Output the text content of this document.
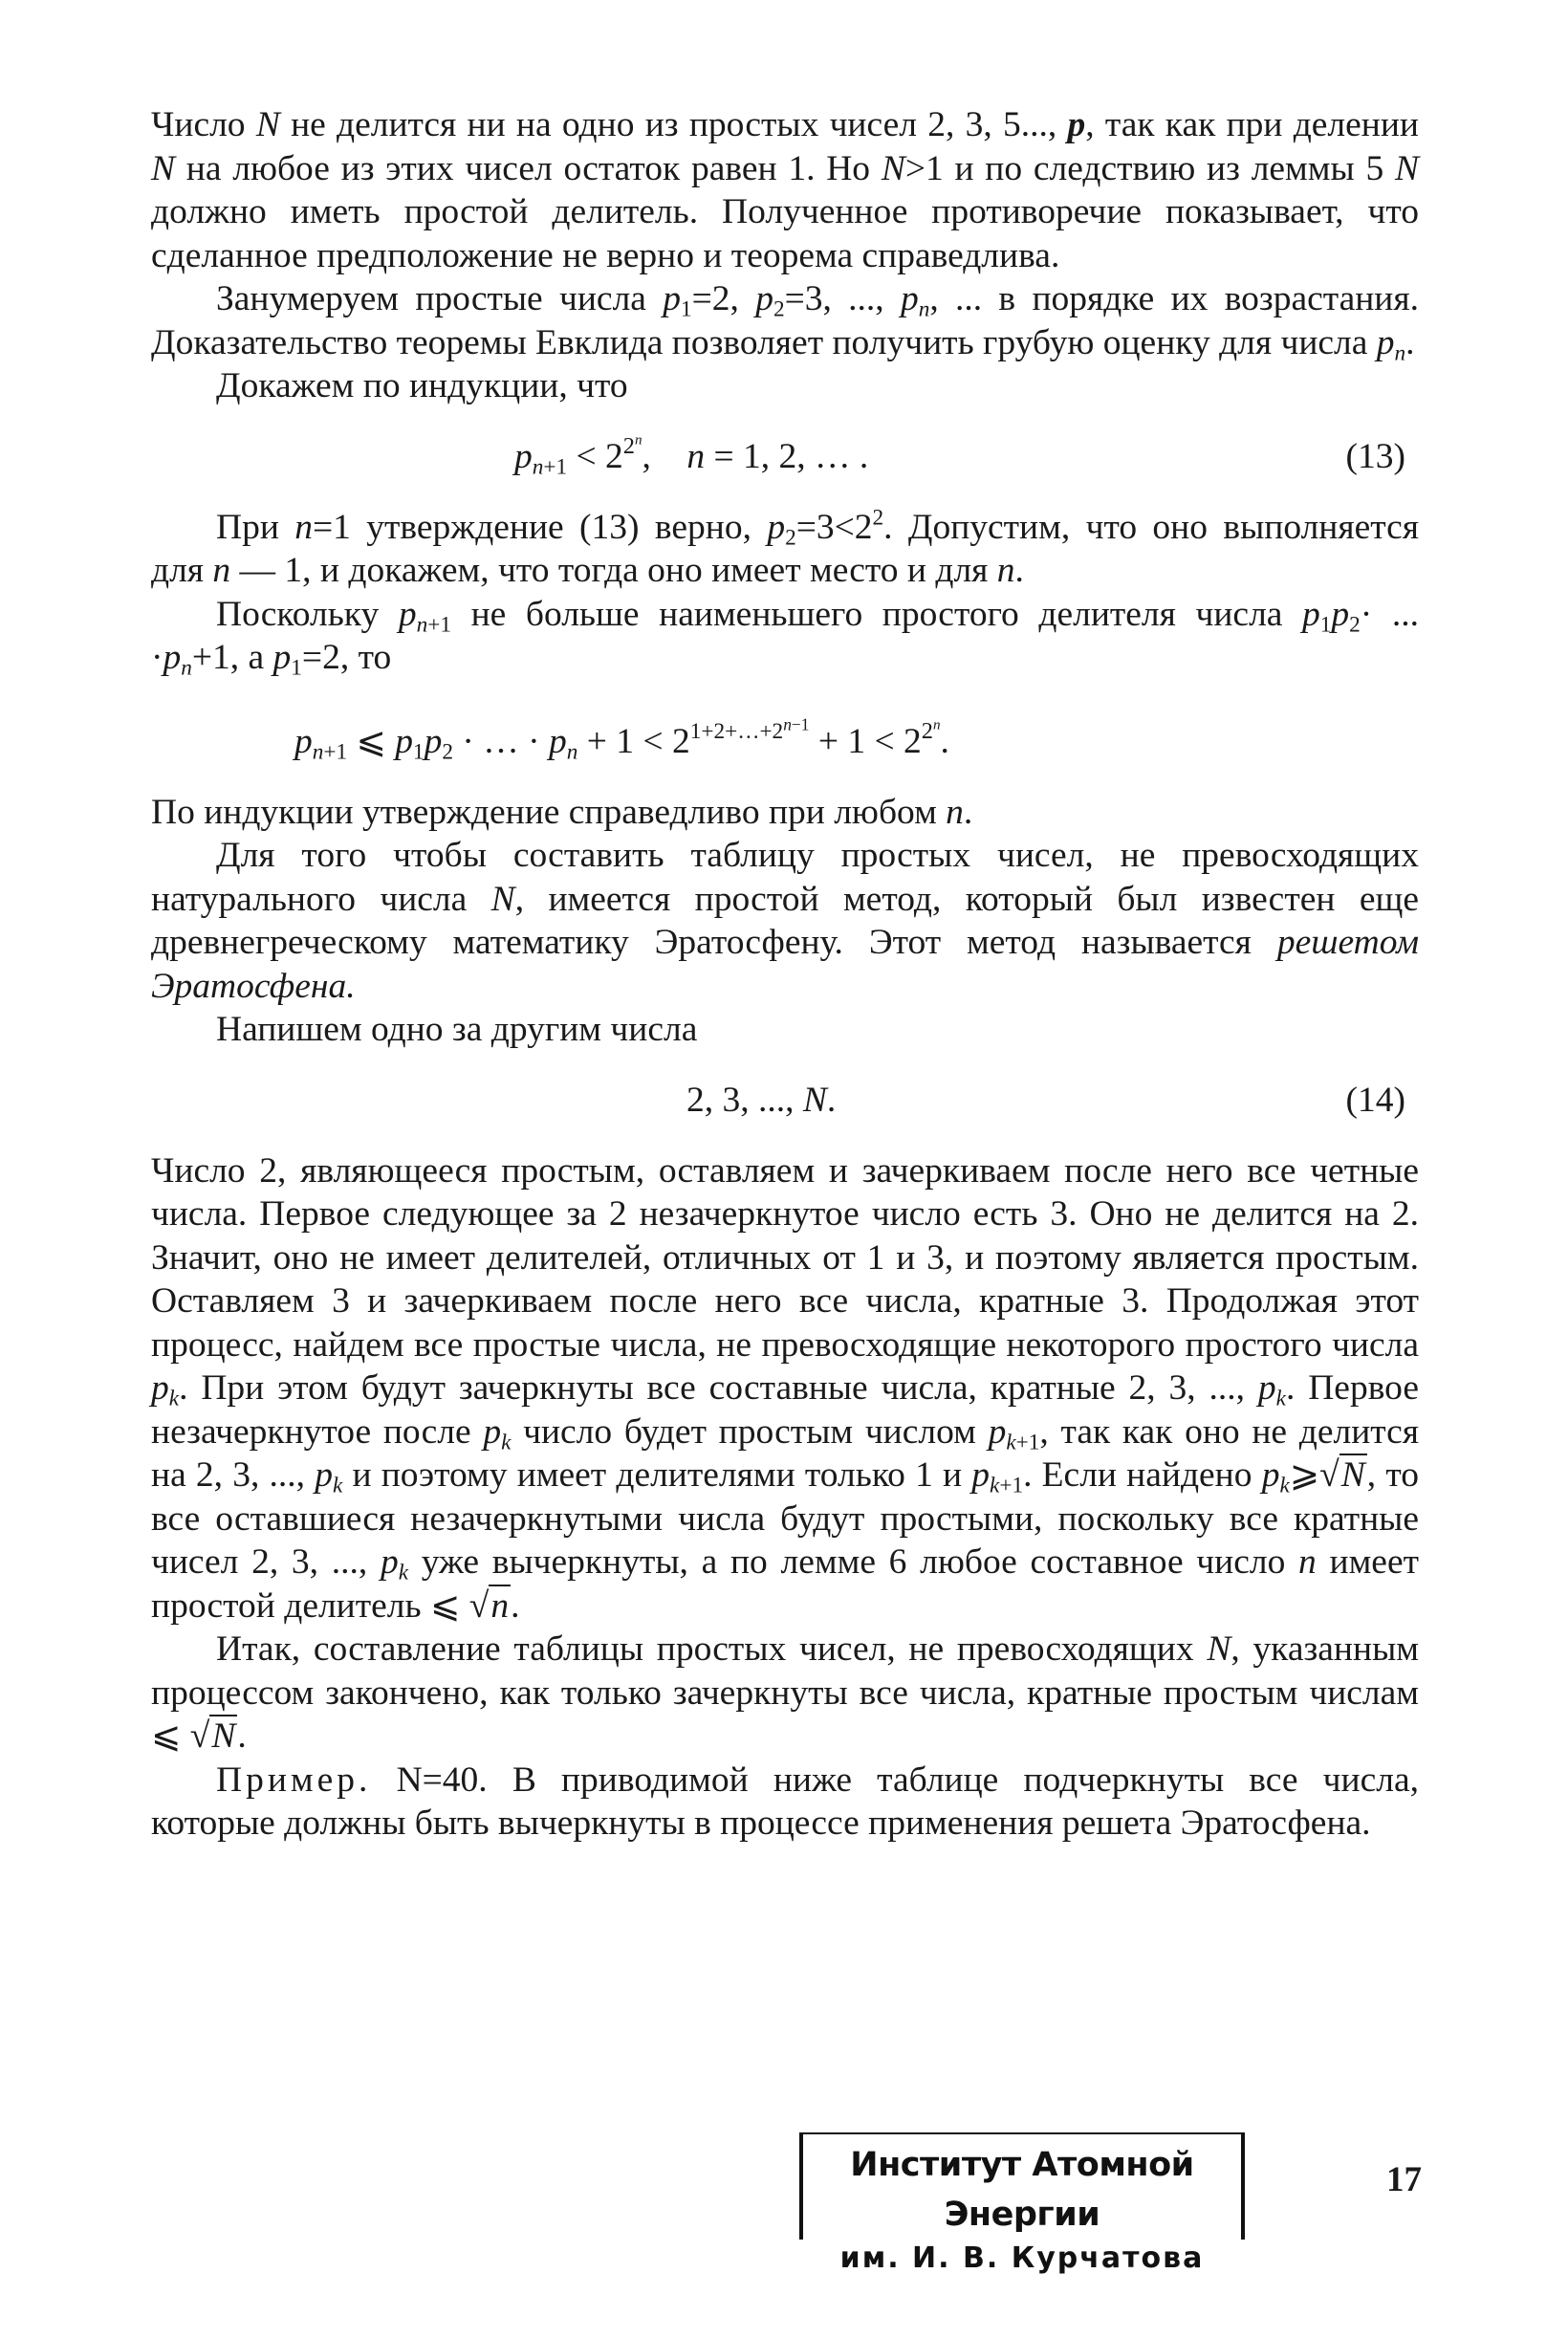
Число N не делится ни на одно из простых чисел 2, 3, 5..., p, так как при делении N на любое из этих чисел остаток равен 1. Но N>1 и по следствию из леммы 5 N должно иметь простой делитель. Полученное противоречие показывает, что сделанное предположение не верно и теорема справедлива.

Занумеруем простые числа $p_1=2$, $p_2=3$, ..., $p_n$, ... в порядке их возрастания. Доказательство теоремы Евклида позволяет получить грубую оценку для числа $p_n$.

Докажем по индукции, что

$p_{n+1} < 2^{2^n}$,    n = 1, 2, … .	(13)

При n=1 утверждение (13) верно, $p_2=3<2^2$. Допустим, что оно выполняется для n — 1, и докажем, что тогда оно имеет место и для n.

Поскольку $p_{n+1}$ не больше наименьшего простого делителя числа $p_1p_2\cdot$ ... $\cdot p_n+1$, а $p_1=2$, то

$p_{n+1}$ ⩽ $p_1p_2$ · … · $p_n + 1 < 2^{1+2+\dots+2^{n-1}} + 1 < 2^{2^n}$.

По индукции утверждение справедливо при любом n.

Для того чтобы составить таблицу простых чисел, не превосходящих натурального числа N, имеется простой метод, который был известен еще древнегреческому математику Эратосфену. Этот метод называется решетом Эратосфена.

Напишем одно за другим числа

2, 3, ..., N.	(14)

Число 2, являющееся простым, оставляем и зачеркиваем после него все четные числа. Первое следующее за 2 незачеркнутое число есть 3. Оно не делится на 2. Значит, оно не имеет делителей, отличных от 1 и 3, и поэтому является простым. Оставляем 3 и зачеркиваем после него все числа, кратные 3. Продолжая этот процесс, найдем все простые числа, не превосходящие некоторого простого числа $p_k$. При этом будут зачеркнуты все составные числа, кратные 2, 3, ..., $p_k$. Первое незачеркнутое после $p_k$ число будет простым числом $p_{k+1}$, так как оно не делится на 2, 3, ..., $p_k$ и поэтому имеет делителями только 1 и $p_{k+1}$. Если найдено $p_k⩾√N$, то все оставшиеся незачеркнутыми числа будут простыми, поскольку все кратные чисел 2, 3, ..., $p_k$ уже вычеркнуты, а по лемме 6 любое составное число n имеет простой делитель ⩽ √n.

Итак, составление таблицы простых чисел, не превосходящих N, указанным процессом закончено, как только зачеркнуты все числа, кратные простым числам ⩽ √N.

Пример. N=40. В приводимой ниже таблице подчеркнуты все числа, которые должны быть вычеркнуты в процессе применения решета Эратосфена.

Институт Атомной Энергии
им. И. В. Курчатова
17
